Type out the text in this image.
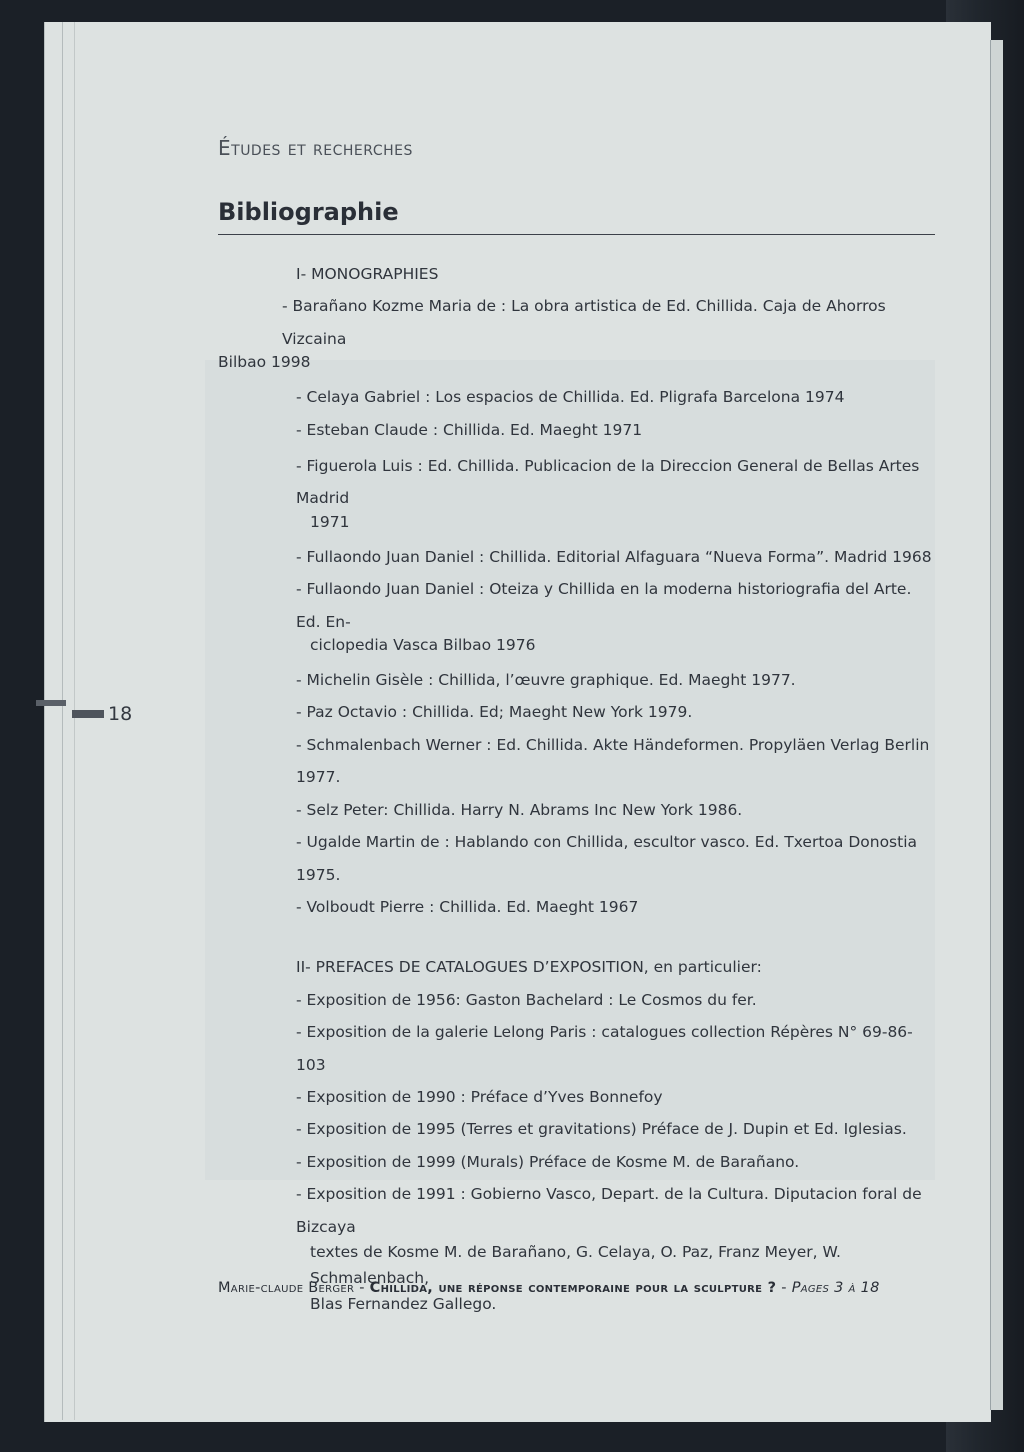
18
Études et recherches
Bibliographie
I- MONOGRAPHIES
- Barañano Kozme Maria de : La obra artistica de Ed. Chillida. Caja de Ahorros Vizcaina
Bilbao 1998
- Celaya Gabriel : Los espacios de Chillida. Ed. Pligrafa Barcelona 1974
- Esteban Claude : Chillida. Ed. Maeght 1971
- Figuerola Luis : Ed. Chillida. Publicacion de la Direccion General de Bellas Artes Madrid
1971
- Fullaondo Juan Daniel : Chillida. Editorial Alfaguara “Nueva Forma”. Madrid 1968
- Fullaondo Juan Daniel : Oteiza y Chillida en la moderna historiografia del Arte. Ed. En-
ciclopedia Vasca Bilbao 1976
- Michelin Gisèle : Chillida, l’œuvre graphique. Ed. Maeght 1977.
- Paz Octavio : Chillida. Ed; Maeght New York 1979.
- Schmalenbach Werner : Ed. Chillida. Akte Händeformen. Propyläen Verlag Berlin 1977.
- Selz Peter: Chillida. Harry N. Abrams Inc New York 1986.
- Ugalde Martin de : Hablando con Chillida, escultor vasco. Ed. Txertoa Donostia 1975.
- Volboudt Pierre : Chillida. Ed. Maeght 1967
II- PREFACES DE CATALOGUES D’EXPOSITION, en particulier:
- Exposition de 1956: Gaston Bachelard : Le Cosmos du fer.
- Exposition de la galerie Lelong Paris : catalogues collection Répères N° 69-86-103
- Exposition de 1990 : Préface d’Yves Bonnefoy
- Exposition de 1995 (Terres et gravitations) Préface de J. Dupin et Ed. Iglesias.
- Exposition de 1999 (Murals) Préface de Kosme M. de Barañano.
- Exposition de 1991 : Gobierno Vasco, Depart. de la Cultura. Diputacion foral de Bizcaya
textes de Kosme M. de Barañano, G. Celaya, O. Paz, Franz Meyer, W. Schmalenbach,
Blas Fernandez Gallego.
Marie-claude Berger - Chillida, une réponse contemporaine pour la sculpture ? - Pages 3 à 18
